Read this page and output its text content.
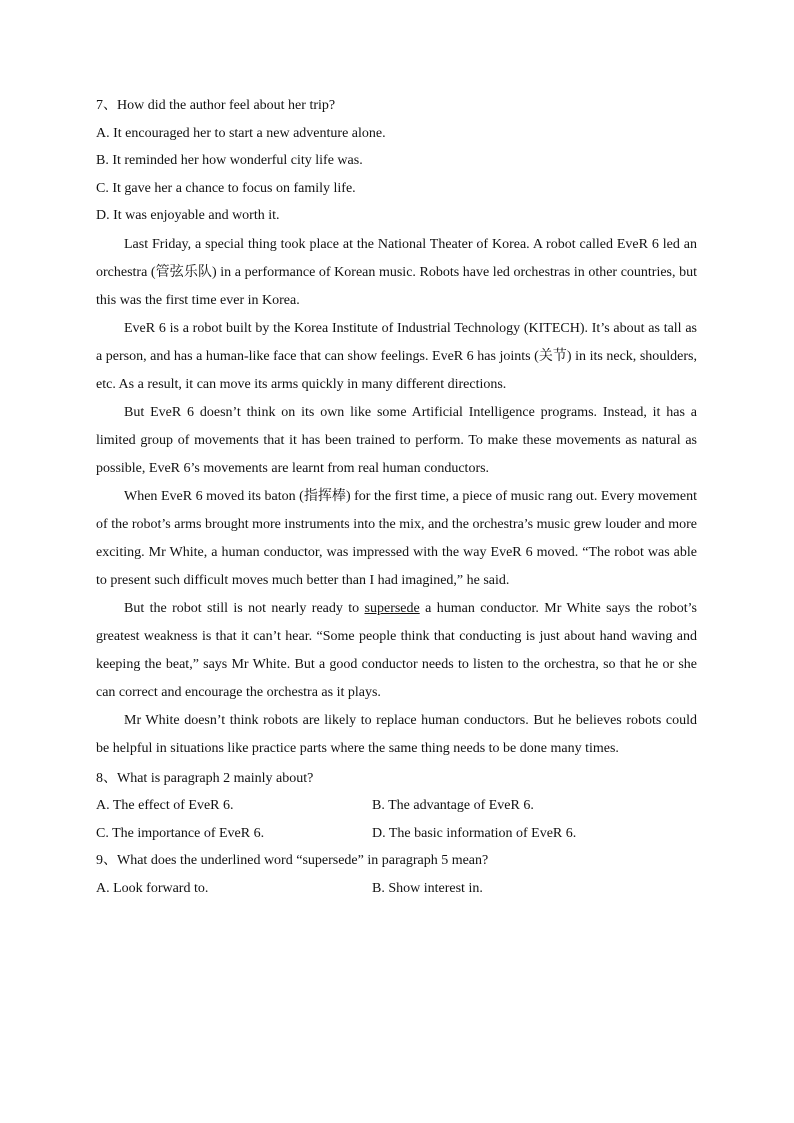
7、How did the author feel about her trip?
A. It encouraged her to start a new adventure alone.
B. It reminded her how wonderful city life was.
C. It gave her a chance to focus on family life.
D. It was enjoyable and worth it.

Last Friday, a special thing took place at the National Theater of Korea. A robot called EveR 6 led an orchestra (管弦乐队) in a performance of Korean music. Robots have led orchestras in other countries, but this was the first time ever in Korea.

EveR 6 is a robot built by the Korea Institute of Industrial Technology (KITECH). It’s about as tall as a person, and has a human-like face that can show feelings. EveR 6 has joints (关节) in its neck, shoulders, etc. As a result, it can move its arms quickly in many different directions.

But EveR 6 doesn’t think on its own like some Artificial Intelligence programs. Instead, it has a limited group of movements that it has been trained to perform. To make these movements as natural as possible, EveR 6’s movements are learnt from real human conductors.

When EveR 6 moved its baton (指挥棒) for the first time, a piece of music rang out. Every movement of the robot’s arms brought more instruments into the mix, and the orchestra’s music grew louder and more exciting. Mr White, a human conductor, was impressed with the way EveR 6 moved. “The robot was able to present such difficult moves much better than I had imagined,” he said.

But the robot still is not nearly ready to supersede a human conductor. Mr White says the robot’s greatest weakness is that it can’t hear. “Some people think that conducting is just about hand waving and keeping the beat,” says Mr White. But a good conductor needs to listen to the orchestra, so that he or she can correct and encourage the orchestra as it plays.

Mr White doesn’t think robots are likely to replace human conductors. But he believes robots could be helpful in situations like practice parts where the same thing needs to be done many times.

8、What is paragraph 2 mainly about?
A. The effect of EveR 6.	B. The advantage of EveR 6.
C. The importance of EveR 6.	D. The basic information of EveR 6.
9、What does the underlined word “supersede” in paragraph 5 mean?
A. Look forward to.	B. Show interest in.
